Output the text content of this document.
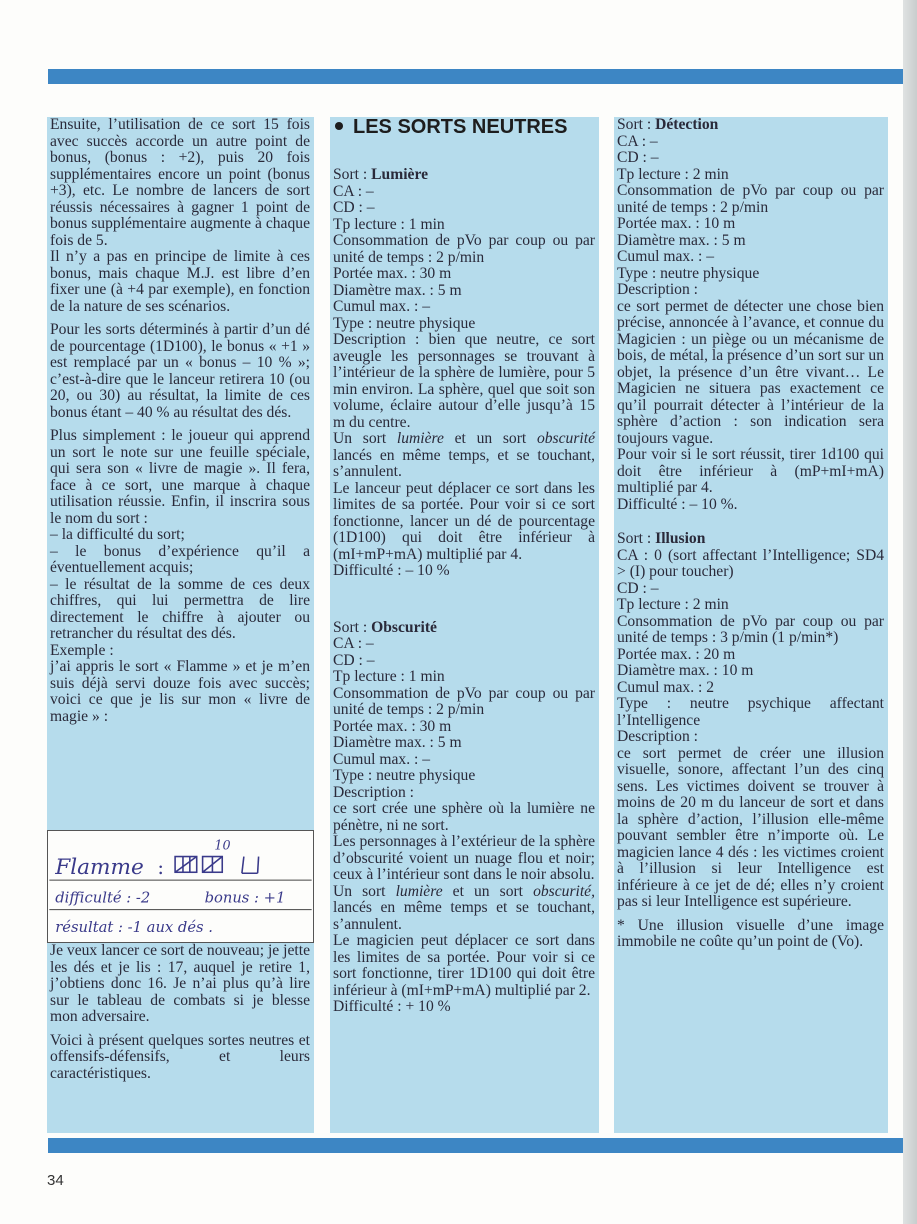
Ensuite, l’utilisation de ce sort 15 fois avec succès accorde un autre point de bonus, (bonus : +2), puis 20 fois supplémentaires encore un point (bonus +3), etc. Le nombre de lancers de sort réussis nécessaires à gagner 1 point de bonus supplémentaire augmente à chaque fois de 5.

Il n’y a pas en principe de limite à ces bonus, mais chaque M.J. est libre d’en fixer une (à +4 par exemple), en fonction de la nature de ses scénarios.

Pour les sorts déterminés à partir d’un dé de pourcentage (1D100), le bonus « +1 » est remplacé par un « bonus – 10 % »; c’est-à-dire que le lanceur retirera 10 (ou 20, ou 30) au résultat, la limite de ces bonus étant – 40 % au résultat des dés.

Plus simplement : le joueur qui apprend un sort le note sur une feuille spéciale, qui sera son « livre de magie ». Il fera, face à ce sort, une marque à chaque utilisation réussie. Enfin, il inscrira sous le nom du sort :

– la difficulté du sort;

– le bonus d’expérience qu’il a éventuellement acquis;

– le résultat de la somme de ces deux chiffres, qui lui permettra de lire directement le chiffre à ajouter ou retrancher du résultat des dés.

Exemple :

j’ai appris le sort « Flamme » et je m’en suis déjà servi douze fois avec succès; voici ce que je lis sur mon « livre de magie » :

10
Flamme :
difficulté : -2	bonus : +1
résultat : -1 aux dés .

Je veux lancer ce sort de nouveau; je jette les dés et je lis : 17, auquel je retire 1, j’obtiens donc 16. Je n’ai plus qu’à lire sur le tableau de combats si je blesse mon adversaire.

Voici à présent quelques sortes neutres et offensifs-défensifs, et leurs caractéristiques.

LES SORTS NEUTRES

Sort : Lumière

CA : –

CD : –

Tp lecture : 1 min

Consommation de pVo par coup ou par unité de temps : 2 p/min

Portée max. : 30 m

Diamètre max. : 5 m

Cumul max. : –

Type : neutre physique

Description : bien que neutre, ce sort aveugle les personnages se trouvant à l’intérieur de la sphère de lumière, pour 5 min environ. La sphère, quel que soit son volume, éclaire autour d’elle jusqu’à 15 m du centre.

Un sort lumière et un sort obscurité lancés en même temps, et se touchant, s’annulent.

Le lanceur peut déplacer ce sort dans les limites de sa portée. Pour voir si ce sort fonctionne, lancer un dé de pourcentage (1D100) qui doit être inférieur à (mI+mP+mA) multiplié par 4.

Difficulté : – 10 %

Sort : Obscurité

CA : –

CD : –

Tp lecture : 1 min

Consommation de pVo par coup ou par unité de temps : 2 p/min

Portée max. : 30 m

Diamètre max. : 5 m

Cumul max. : –

Type : neutre physique

Description :

ce sort crée une sphère où la lumière ne pénètre, ni ne sort.

Les personnages à l’extérieur de la sphère d’obscurité voient un nuage flou et noir; ceux à l’intérieur sont dans le noir absolu.

Un sort lumière et un sort obscurité, lancés en même temps et se touchant, s’annulent.

Le magicien peut déplacer ce sort dans les limites de sa portée. Pour voir si ce sort fonctionne, tirer 1D100 qui doit être inférieur à (mI+mP+mA) multiplié par 2.

Difficulté : + 10 %

Sort : Détection

CA : –

CD : –

Tp lecture : 2 min

Consommation de pVo par coup ou par unité de temps : 2 p/min

Portée max. : 10 m

Diamètre max. : 5 m

Cumul max. : –

Type : neutre physique

Description :

ce sort permet de détecter une chose bien précise, annoncée à l’avance, et connue du Magicien : un piège ou un mécanisme de bois, de métal, la présence d’un sort sur un objet, la présence d’un être vivant… Le Magicien ne situera pas exactement ce qu’il pourrait détecter à l’intérieur de la sphère d’action : son indication sera toujours vague.

Pour voir si le sort réussit, tirer 1d100 qui doit être inférieur à (mP+mI+mA) multiplié par 4.

Difficulté : – 10 %.

Sort : Illusion

CA : 0 (sort affectant l’Intelligence; SD4 > (I) pour toucher)

CD : –

Tp lecture : 2 min

Consommation de pVo par coup ou par unité de temps : 3 p/min (1 p/min*)

Portée max. : 20 m

Diamètre max. : 10 m

Cumul max. : 2

Type : neutre psychique affectant l’Intelligence

Description :

ce sort permet de créer une illusion visuelle, sonore, affectant l’un des cinq sens. Les victimes doivent se trouver à moins de 20 m du lanceur de sort et dans la sphère d’action, l’illusion elle-même pouvant sembler être n’importe où. Le magicien lance 4 dés : les victimes croient à l’illusion si leur Intelligence est inférieure à ce jet de dé; elles n’y croient pas si leur Intelligence est supérieure.

* Une illusion visuelle d’une image immobile ne coûte qu’un point de (Vo).

34
